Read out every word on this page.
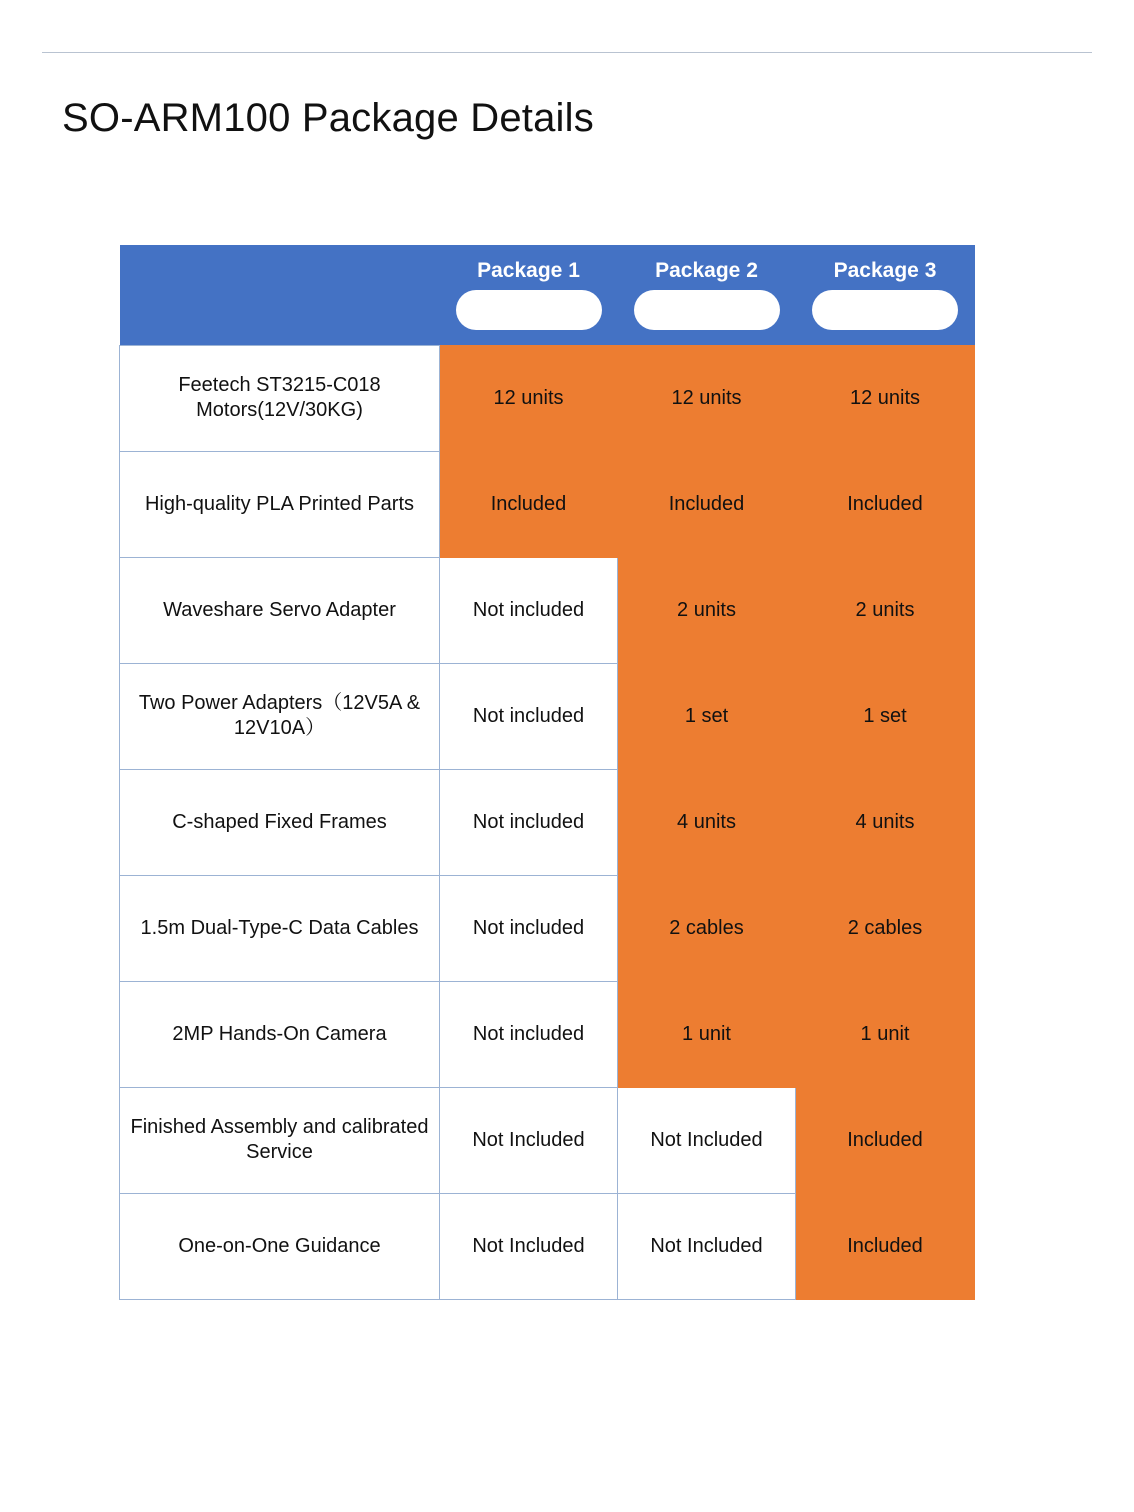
SO-ARM100 Package Details

	Package 1	Package 2	Package 3

Feetech ST3215-C018 Motors(12V/30KG)	12 units	12 units	12 units
High-quality PLA Printed Parts	Included	Included	Included
Waveshare Servo Adapter	Not included	2 units	2 units
Two Power Adapters（12V5A & 12V10A）	Not included	1 set	1 set
C-shaped Fixed Frames	Not included	4 units	4 units
1.5m Dual-Type-C Data Cables	Not included	2 cables	2 cables
2MP Hands-On Camera	Not included	1 unit	1 unit
Finished Assembly and calibrated Service	Not Included	Not Included	Included
One-on-One Guidance	Not Included	Not Included	Included
